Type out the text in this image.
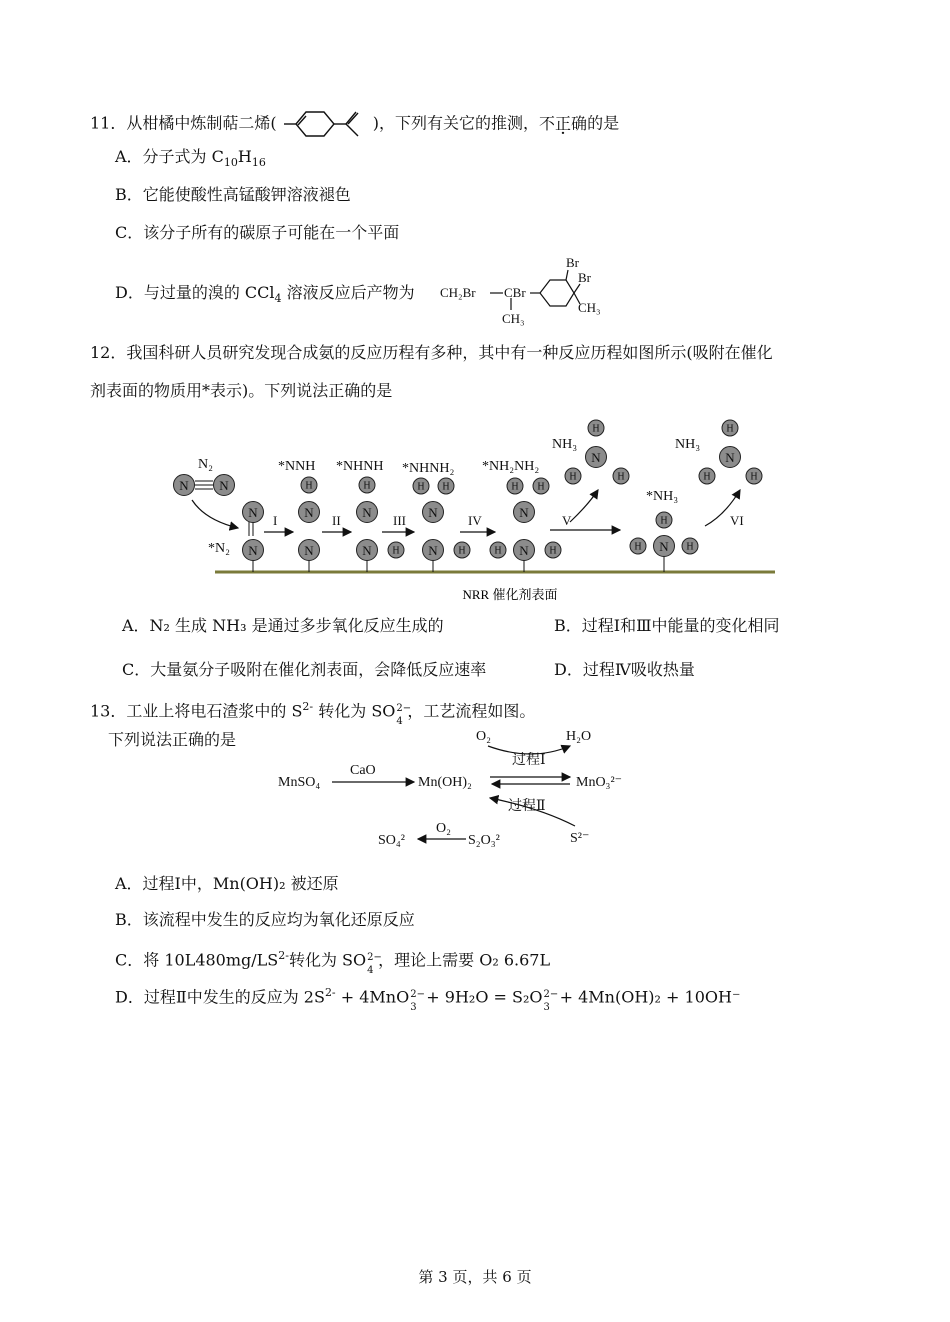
11．从柑橘中炼制萜二烯(	)，下列有关它的推测，不正确的是
A．分子式为 $C_{10}H_{16}$
B．它能使酸性高锰酸钾溶液褪色
C．该分子所有的碳原子可能在一个平面
D．与过量的溴的 CCl$_4$ 溶液反应后产物为 CH₂Br CBr
CH₃
Br
Br
CH₃
12．我国科研人员研究发现合成氨的反应历程有多种，其中有一种反应历程如图所示(吸附在催化
剂表面的物质用*表示)。下列说法正确的是
NRR 催化剂表面
N₂
*N₂
*NNH *NHNH *NHNH₂ *NH₂NH₂
NH₃
*NH₃
NH₃
I	II	III	IV	V	VI
N N
N
N
H
N
N
H
N
N H
H H
N
N H
H H
N
H N H
H
N
H	H
H
H N H
H
N
H	H
A．N₂ 生成 NH₃ 是通过多步氧化反应生成的	B．过程Ⅰ和Ⅲ中能量的变化相同
C．大量氨分子吸附在催化剂表面，会降低反应速率	D．过程Ⅳ吸收热量
13．工业上将电石渣浆中的 $S^{2-}$ 转化为 SO 2−
4
，工艺流程如图。
下列说法正确的是
MnSO₄
CaO
Mn(OH)₂	MnO₃²⁻
O₂	H₂O
过程Ⅰ
过程Ⅱ
SO₄²
O₂
S₂O₃²	S²⁻
A．过程Ⅰ中，Mn(OH)₂ 被还原
B．该流程中发生的反应均为氧化还原反应
C．将 $10L480mg/LS^{2-}$转化为 SO 2−
4
，理论上需要 O₂ 6.67L
D．过程Ⅱ中发生的反应为 $2S^{2-} + 4MnO$ 2−
3
+ 9H₂O = S₂O 2−
3
+ 4Mn(OH)₂ + 10OH⁻
第 3 页，共 6 页
